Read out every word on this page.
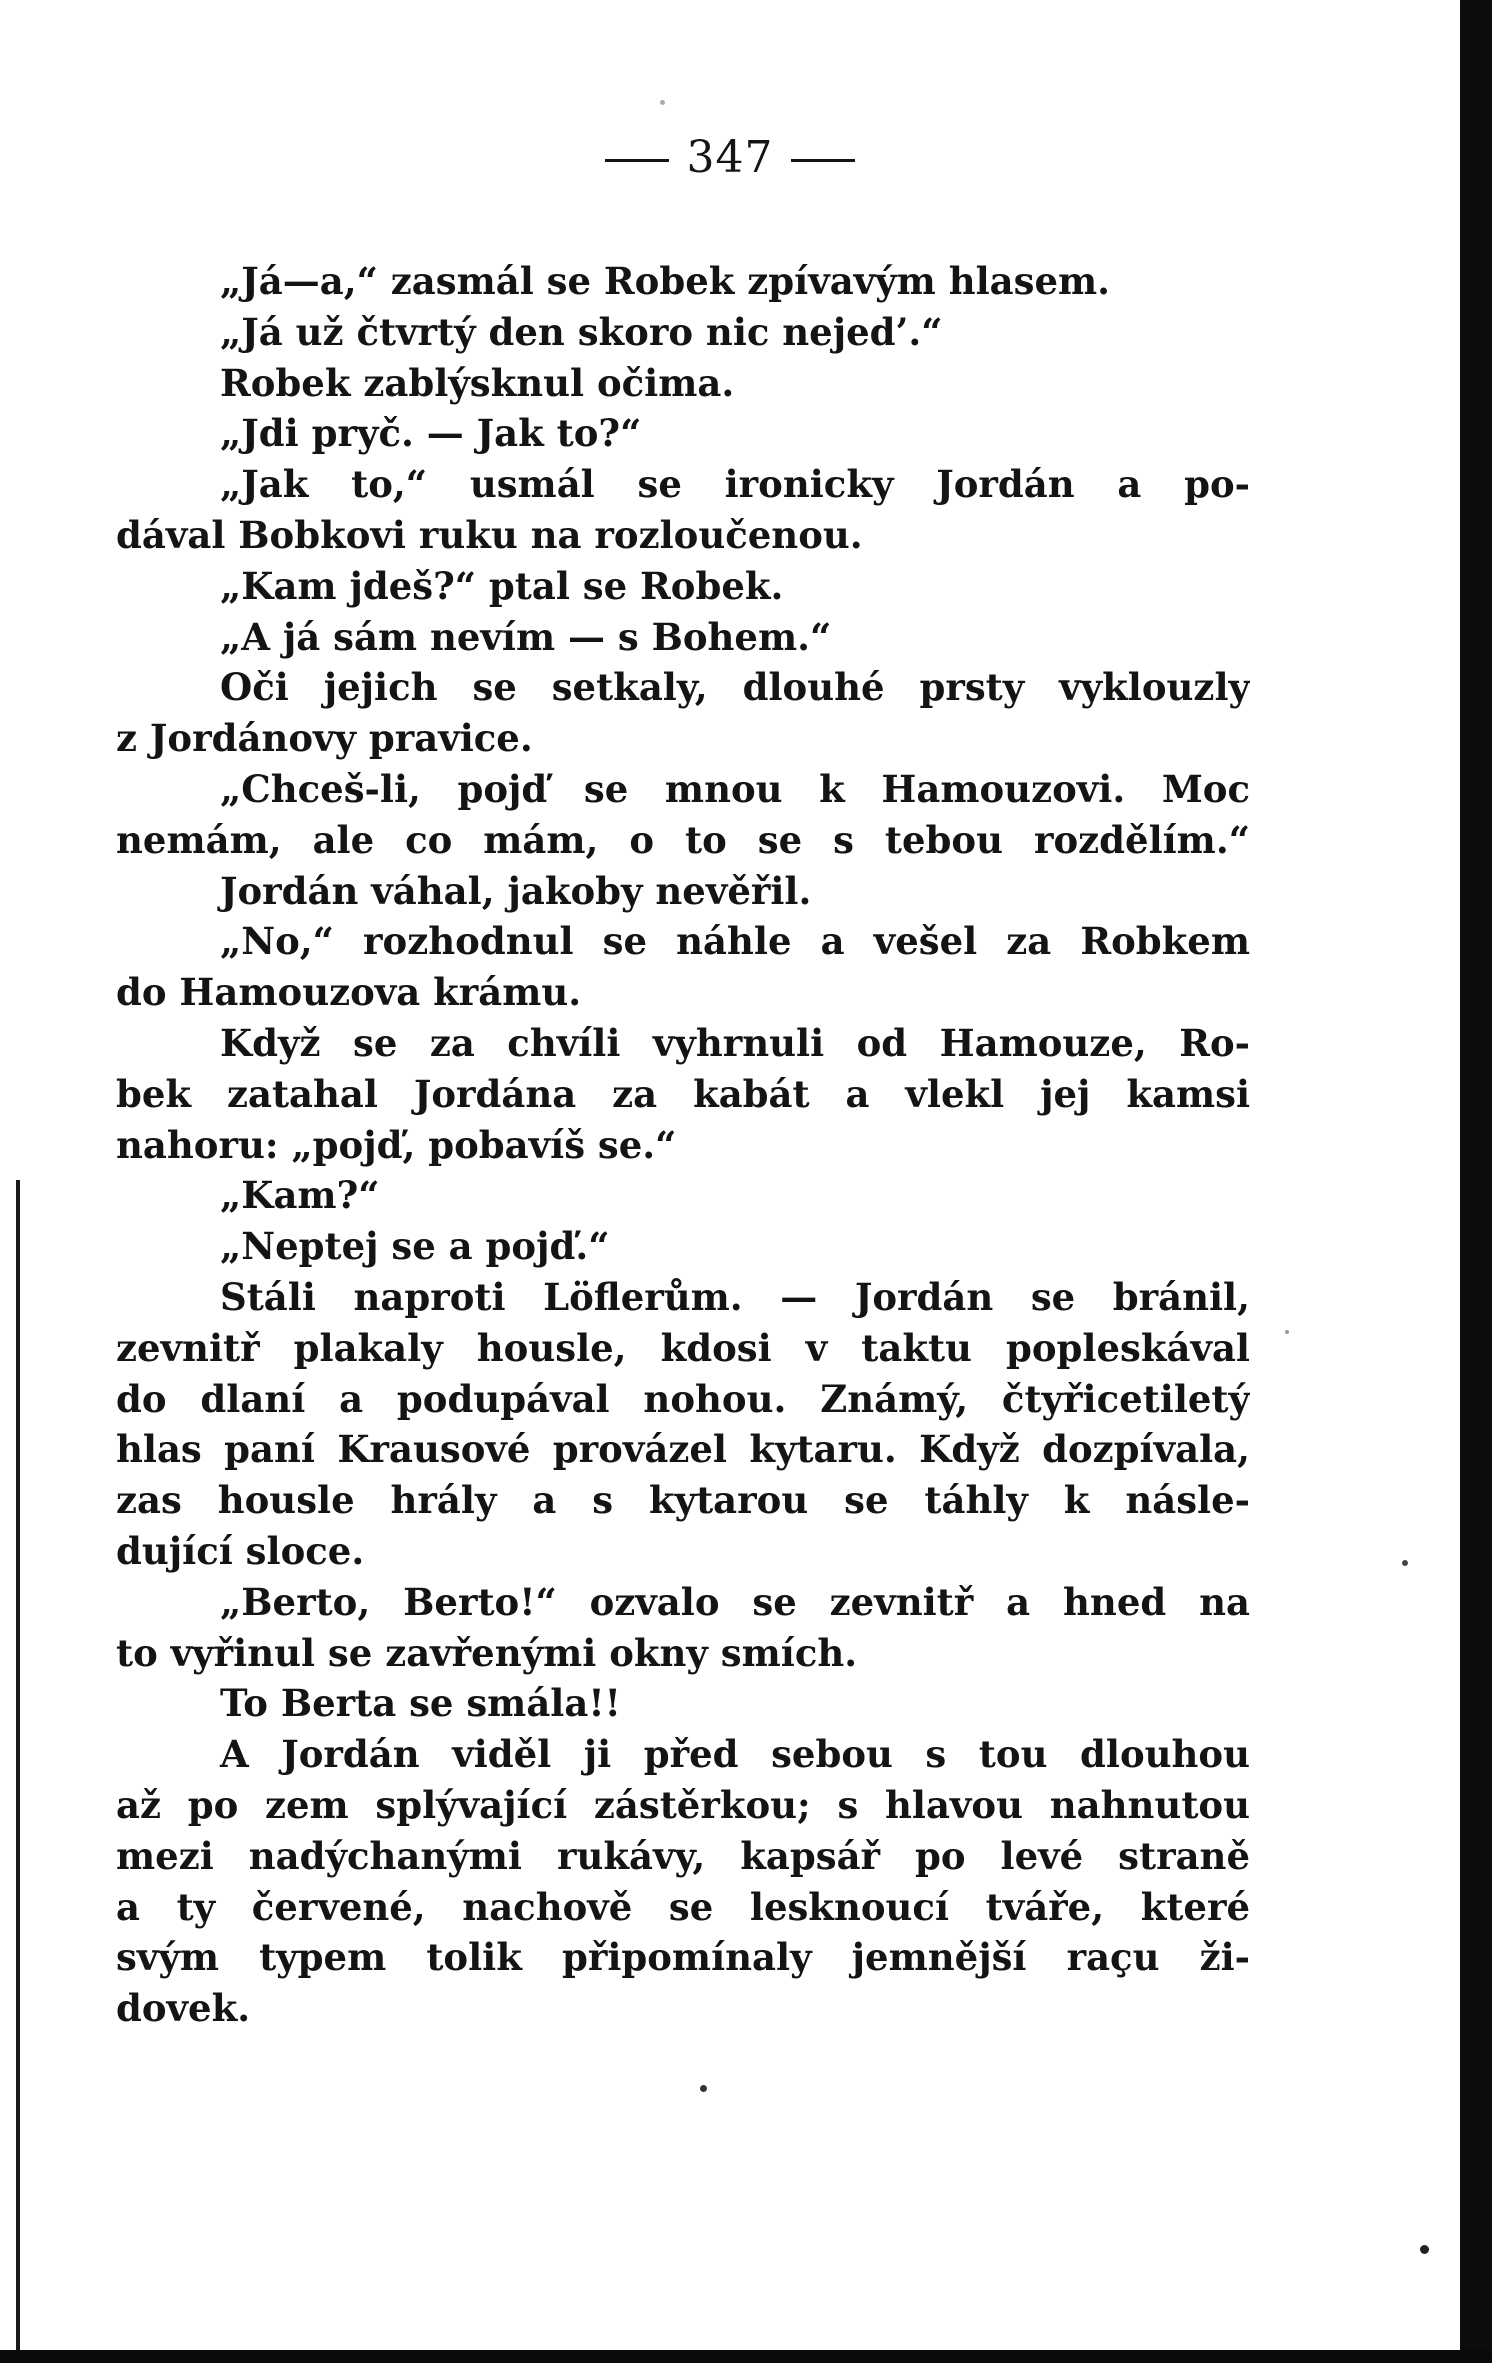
347
„Já—a,“ zasmál se Robek zpívavým hlasem.
„Já už čtvrtý den skoro nic nejed’.“
Robek zablýsknul očima.
„Jdi pryč. — Jak to?“
„Jak to,“ usmál se ironicky Jordán a po-
dával Bobkovi ruku na rozloučenou.
„Kam jdeš?“ ptal se Robek.
„A já sám nevím — s Bohem.“
Oči jejich se setkaly, dlouhé prsty vyklouzly
z Jordánovy pravice.
„Chceš-li, pojď se mnou k Hamouzovi. Moc
nemám, ale co mám, o to se s tebou rozdělím.“
Jordán váhal, jakoby nevěřil.
„No,“ rozhodnul se náhle a vešel za Robkem
do Hamouzova krámu.
Když se za chvíli vyhrnuli od Hamouze, Ro-
bek zatahal Jordána za kabát a vlekl jej kamsi
nahoru: „pojď, pobavíš se.“
„Kam?“
„Neptej se a pojď.“
Stáli naproti Löflerům. — Jordán se bránil,
zevnitř plakaly housle, kdosi v taktu popleskával
do dlaní a podupával nohou. Známý, čtyřicetiletý
hlas paní Krausové provázel kytaru. Když dozpívala,
zas housle hrály a s kytarou se táhly k násle-
dující sloce.
„Berto, Berto!“ ozvalo se zevnitř a hned na
to vyřinul se zavřenými okny smích.
To Berta se smála!!
A Jordán viděl ji před sebou s tou dlouhou
až po zem splývající zástěrkou; s hlavou nahnutou
mezi nadýchanými rukávy, kapsář po levé straně
a ty červené, nachově se lesknoucí tváře, které
svým typem tolik připomínaly jemnější raçu ži-
dovek.
